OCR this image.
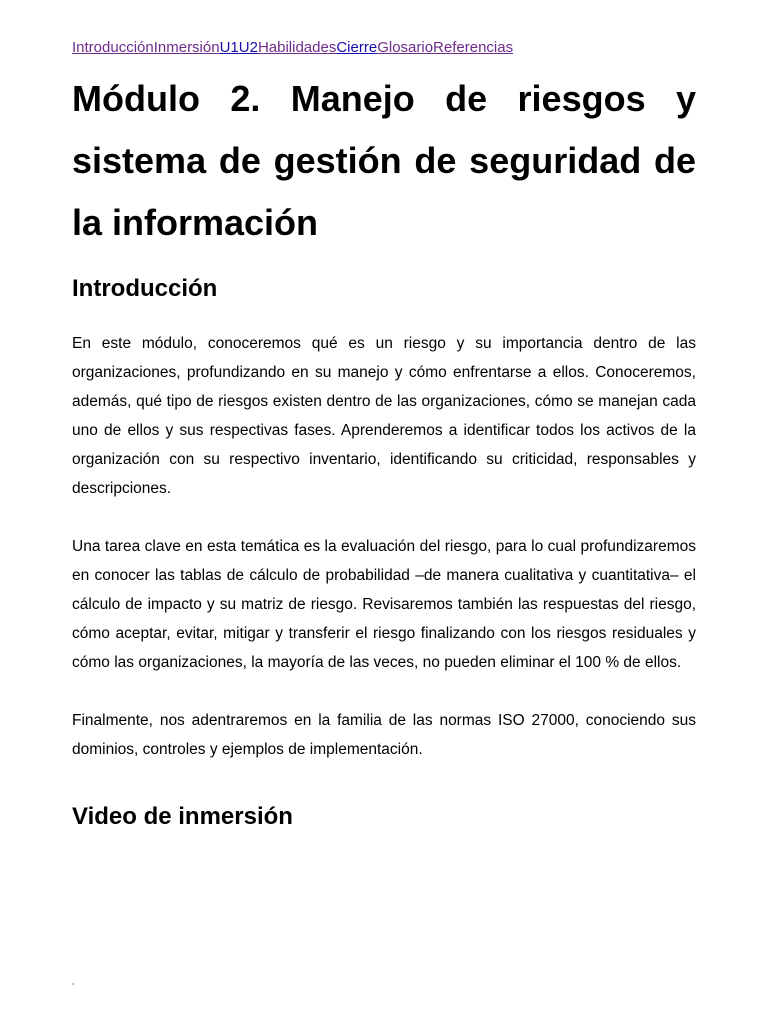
IntroducciónInmersiónU1U2HabilidadesCierreGlosarioReferencias
Módulo 2. Manejo de riesgos y sistema de gestión de seguridad de la información
Introducción

En este módulo, conoceremos qué es un riesgo y su importancia dentro de las organizaciones, profundizando en su manejo y cómo enfrentarse a ellos. Conoceremos, además, qué tipo de riesgos existen dentro de las organizaciones, cómo se manejan cada uno de ellos y sus respectivas fases. Aprenderemos a identificar todos los activos de la organización con su respectivo inventario, identificando su criticidad, responsables y descripciones.

Una tarea clave en esta temática es la evaluación del riesgo, para lo cual profundizaremos en conocer las tablas de cálculo de probabilidad –de manera cualitativa y cuantitativa– el cálculo de impacto y su matriz de riesgo. Revisaremos también las respuestas del riesgo, cómo aceptar, evitar, mitigar y transferir el riesgo finalizando con los riesgos residuales y cómo las organizaciones, la mayoría de las veces, no pueden eliminar el 100 % de ellos.

Finalmente, nos adentraremos en la familia de las normas ISO 27000, conociendo sus dominios, controles y ejemplos de implementación.

Video de inmersión
